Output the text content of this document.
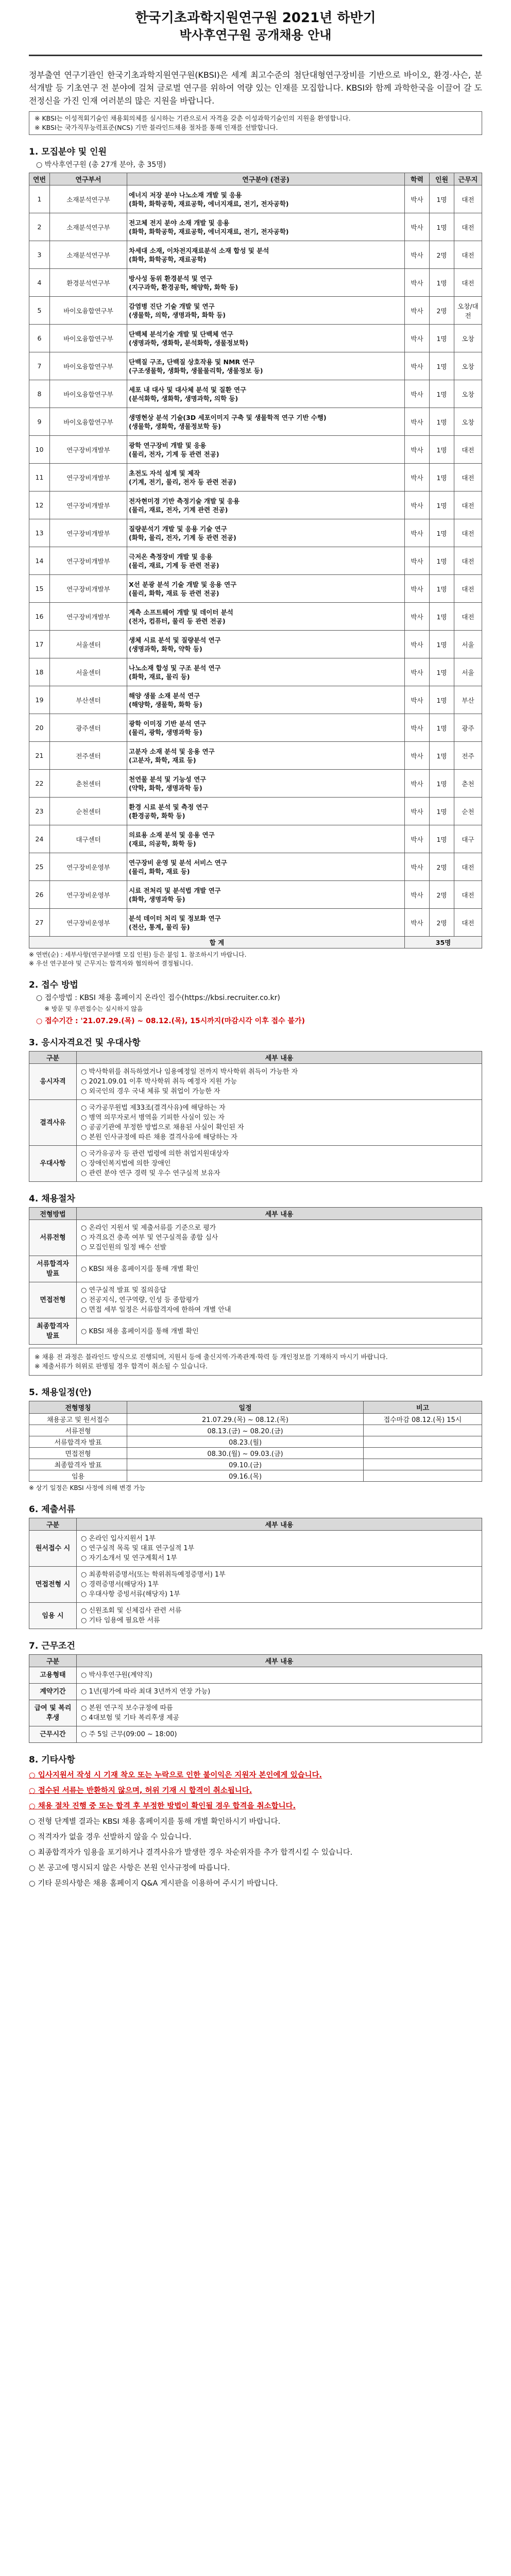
한국기초과학지원연구원 2021년 하반기
박사후연구원 공개채용 안내

정부출연 연구기관인 한국기초과학지원연구원(KBSI)은 세계 최고수준의 첨단대형연구장비를 기반으로 바이오, 환경·사슨, 분석개발 등 기초연구 전 분야에 걸쳐 글로벌 연구를 위하여 역량 있는 인재를 모집합니다. KBSI와 함께 과학한국을 이끌어 갈 도전정신을 가진 인재 여러분의 많은 지원을 바랍니다.

※ KBSI는 이성적회기술인 채용회의체를 실시하는 기관으로서 자격을 갖춘 이성과학기술인의 지원을 환영합니다.
※ KBSI는 국가직무능력표준(NCS) 기반 블라인드채용 절차를 통해 인재를 선발합니다.
1. 모집분야 및 인원
○ 박사후연구원 (총 27개 분야, 총 35명)
연번	연구부서	연구분야 (전공)	학력	인원	근무지
1	소재분석연구부	에너지 저장 분야 나노소재 개발 및 응용
(화학, 화학공학, 재료공학, 에너지재료, 전기, 전자공학)	박사	1명	대전
2	소재분석연구부	전고체 전지 분야 소재 개발 및 응용
(화학, 화학공학, 재료공학, 에너지재료, 전기, 전자공학)	박사	1명	대전
3	소재분석연구부	차세대 소재, 이차전지재료분석 소재 합성 및 분석
(화학, 화학공학, 재료공학)	박사	2명	대전
4	환경분석연구부	방사성 동위 환경분석 및 연구
(지구과학, 환경공학, 해양학, 화학 등)	박사	1명	대전
5	바이오융합연구부	감염병 진단 기술 개발 및 연구
(생물학, 의학, 생명과학, 화학 등)	박사	2명	오창/대전
6	바이오융합연구부	단백체 분석기술 개발 및 단백체 연구
(생명과학, 생화학, 분석화학, 생물정보학)	박사	1명	오창
7	바이오융합연구부	단백질 구조, 단백질 상호작용 및 NMR 연구
(구조생물학, 생화학, 생물물리학, 생물정보 등)	박사	1명	오창
8	바이오융합연구부	세포 내 대사 및 대사체 분석 및 질환 연구
(분석화학, 생화학, 생명과학, 의학 등)	박사	1명	오창
9	바이오융합연구부	생명현상 분석 기술(3D 세포이미지 구축 및 생물학적 연구 기반 수행)
(생물학, 생화학, 생물정보학 등)	박사	1명	오창
10	연구장비개발부	광학 연구장비 개발 및 응용
(물리, 전자, 기계 등 관련 전공)	박사	1명	대전
11	연구장비개발부	초전도 자석 설계 및 제작
(기계, 전기, 물리, 전자 등 관련 전공)	박사	1명	대전
12	연구장비개발부	전자현미경 기반 측정기술 개발 및 응용
(물리, 재료, 전자, 기계 관련 전공)	박사	1명	대전
13	연구장비개발부	질량분석기 개발 및 응용 기술 연구
(화학, 물리, 전자, 기계 등 관련 전공)	박사	1명	대전
14	연구장비개발부	극저온 측정장비 개발 및 응용
(물리, 재료, 기계 등 관련 전공)	박사	1명	대전
15	연구장비개발부	X선 분광 분석 기술 개발 및 응용 연구
(물리, 화학, 재료 등 관련 전공)	박사	1명	대전
16	연구장비개발부	계측 소프트웨어 개발 및 데이터 분석
(전자, 컴퓨터, 물리 등 관련 전공)	박사	1명	대전
17	서울센터	생체 시료 분석 및 질량분석 연구
(생명과학, 화학, 약학 등)	박사	1명	서울
18	서울센터	나노소재 합성 및 구조 분석 연구
(화학, 재료, 물리 등)	박사	1명	서울
19	부산센터	해양 생물 소재 분석 연구
(해양학, 생물학, 화학 등)	박사	1명	부산
20	광주센터	광학 이미징 기반 분석 연구
(물리, 광학, 생명과학 등)	박사	1명	광주
21	전주센터	고분자 소재 분석 및 응용 연구
(고분자, 화학, 재료 등)	박사	1명	전주
22	춘천센터	천연물 분석 및 기능성 연구
(약학, 화학, 생명과학 등)	박사	1명	춘천
23	순천센터	환경 시료 분석 및 측정 연구
(환경공학, 화학 등)	박사	1명	순천
24	대구센터	의료용 소재 분석 및 응용 연구
(재료, 의공학, 화학 등)	박사	1명	대구
25	연구장비운영부	연구장비 운영 및 분석 서비스 연구
(물리, 화학, 재료 등)	박사	2명	대전
26	연구장비운영부	시료 전처리 및 분석법 개발 연구
(화학, 생명과학 등)	박사	2명	대전
27	연구장비운영부	분석 데이터 처리 및 정보화 연구
(전산, 통계, 물리 등)	박사	2명	대전
합 계			35명		
※ 연번(순) : 세부사항(연구분야별 모집 인원) 등은 붙임 1. 참조하시기 바랍니다.
※ 우선 연구분야 및 근무지는 합격자와 협의하여 결정됩니다.
2. 접수 방법
○ 접수방법 : KBSI 채용 홈페이지 온라인 접수(https://kbsi.recruiter.co.kr)
※ 방문 및 우편접수는 실시하지 않음
○ 접수기간 : '21.07.29.(목) ~ 08.12.(목), 15시까지(마감시각 이후 접수 불가)
3. 응시자격요건 및 우대사항
구분	세부 내용
응시자격	○ 박사학위를 취득하였거나 임용예정일 전까지 박사학위 취득이 가능한 자
○ 2021.09.01 이후 박사학위 취득 예정자 지원 가능
○ 외국인의 경우 국내 체류 및 취업이 가능한 자

결격사유	○ 국가공무원법 제33조(결격사유)에 해당하는 자
○ 병역 의무자로서 병역을 기피한 사실이 있는 자
○ 공공기관에 부정한 방법으로 채용된 사실이 확인된 자
○ 본원 인사규정에 따른 채용 결격사유에 해당하는 자

우대사항	○ 국가유공자 등 관련 법령에 의한 취업지원대상자
○ 장애인복지법에 의한 장애인
○ 관련 분야 연구 경력 및 우수 연구실적 보유자
4. 채용절차
전형방법	세부 내용
서류전형	○ 온라인 지원서 및 제출서류를 기준으로 평가
○ 자격요건 충족 여부 및 연구실적을 종합 심사
○ 모집인원의 일정 배수 선발

서류합격자 발표	○ KBSI 채용 홈페이지를 통해 개별 확인

면접전형	○ 연구실적 발표 및 질의응답
○ 전공지식, 연구역량, 인성 등 종합평가
○ 면접 세부 일정은 서류합격자에 한하여 개별 안내

최종합격자 발표	○ KBSI 채용 홈페이지를 통해 개별 확인
※ 채용 전 과정은 블라인드 방식으로 진행되며, 지원서 등에 출신지역·가족관계·학력 등 개인정보를 기재하지 마시기 바랍니다.
※ 제출서류가 허위로 판명될 경우 합격이 취소될 수 있습니다.
5. 채용일정(안)
전형명칭	일정	비고
채용공고 및 원서접수	21.07.29.(목) ~ 08.12.(목)	접수마감 08.12.(목) 15시
서류전형	08.13.(금) ~ 08.20.(금)	
서류합격자 발표	08.23.(월)	
면접전형	08.30.(월) ~ 09.03.(금)	
최종합격자 발표	09.10.(금)	
임용	09.16.(목)	
※ 상기 일정은 KBSI 사정에 의해 변경 가능
6. 제출서류
구분	세부 내용
원서접수 시	○ 온라인 입사지원서 1부
○ 연구실적 목록 및 대표 연구실적 1부
○ 자기소개서 및 연구계획서 1부

면접전형 시	○ 최종학위증명서(또는 학위취득예정증명서) 1부
○ 경력증명서(해당자) 1부
○ 우대사항 증빙서류(해당자) 1부

임용 시	○ 신원조회 및 신체검사 관련 서류
○ 기타 임용에 필요한 서류
7. 근무조건
구분	세부 내용
고용형태	○ 박사후연구원(계약직)

계약기간	○ 1년(평가에 따라 최대 3년까지 연장 가능)

급여 및 복리후생	○ 본원 연구직 보수규정에 따름
○ 4대보험 및 기타 복리후생 제공

근무시간	○ 주 5일 근무(09:00 ~ 18:00)
8. 기타사항
○ 입사지원서 작성 시 기재 착오 또는 누락으로 인한 불이익은 지원자 본인에게 있습니다.
○ 접수된 서류는 반환하지 않으며, 허위 기재 시 합격이 취소됩니다.
○ 채용 절차 진행 중 또는 합격 후 부정한 방법이 확인될 경우 합격을 취소합니다.
○ 전형 단계별 결과는 KBSI 채용 홈페이지를 통해 개별 확인하시기 바랍니다.
○ 적격자가 없을 경우 선발하지 않을 수 있습니다.
○ 최종합격자가 임용을 포기하거나 결격사유가 발생한 경우 차순위자를 추가 합격시킬 수 있습니다.
○ 본 공고에 명시되지 않은 사항은 본원 인사규정에 따릅니다.
○ 기타 문의사항은 채용 홈페이지 Q&A 게시판을 이용하여 주시기 바랍니다.
